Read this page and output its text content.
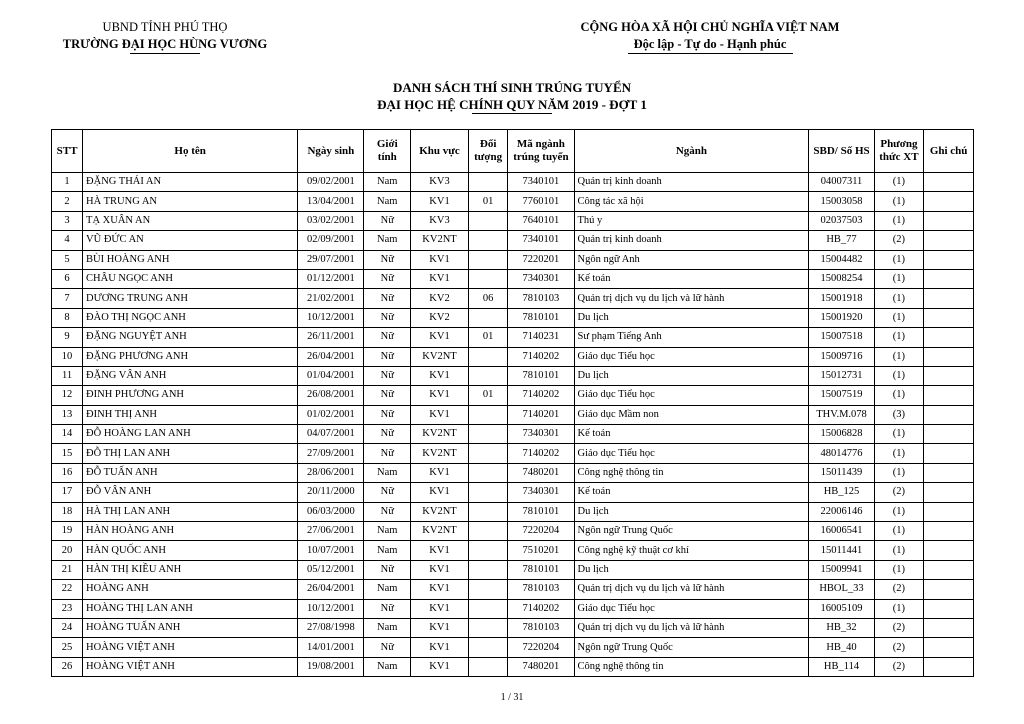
UBND TỈNH PHÚ THỌ
TRƯỜNG ĐẠI HỌC HÙNG VƯƠNG
CỘNG HÒA XÃ HỘI CHỦ NGHĨA VIỆT NAM
Độc lập - Tự do - Hạnh phúc
DANH SÁCH THÍ SINH TRÚNG TUYỂN
ĐẠI HỌC HỆ CHÍNH QUY NĂM 2019 - ĐỢT 1
STT	Họ tên	Ngày sinh	Giới tính	Khu vực	Đối tượng	Mã ngành trúng tuyển	Ngành	SBD/ Số HS	Phương thức XT	Ghi chú
1	ĐẶNG THÁI AN	09/02/2001	Nam	KV3		7340101	Quản trị kinh doanh	04007311	(1)	
2	HÀ TRUNG AN	13/04/2001	Nam	KV1	01	7760101	Công tác xã hội	15003058	(1)	
3	TẠ XUÂN AN	03/02/2001	Nữ	KV3		7640101	Thú y	02037503	(1)	
4	VŨ ĐỨC AN	02/09/2001	Nam	KV2NT		7340101	Quản trị kinh doanh	HB_77	(2)	
5	BÙI HOÀNG ANH	29/07/2001	Nữ	KV1		7220201	Ngôn ngữ Anh	15004482	(1)	
6	CHÂU NGỌC ANH	01/12/2001	Nữ	KV1		7340301	Kế toán	15008254	(1)	
7	DƯƠNG TRUNG ANH	21/02/2001	Nữ	KV2	06	7810103	Quản trị dịch vụ du lịch và lữ hành	15001918	(1)	
8	ĐÀO THỊ NGỌC ANH	10/12/2001	Nữ	KV2		7810101	Du lịch	15001920	(1)	
9	ĐẶNG NGUYỆT ANH	26/11/2001	Nữ	KV1	01	7140231	Sư phạm Tiếng Anh	15007518	(1)	
10	ĐẶNG PHƯƠNG ANH	26/04/2001	Nữ	KV2NT		7140202	Giáo dục Tiểu học	15009716	(1)	
11	ĐẶNG VÂN ANH	01/04/2001	Nữ	KV1		7810101	Du lịch	15012731	(1)	
12	ĐINH PHƯƠNG ANH	26/08/2001	Nữ	KV1	01	7140202	Giáo dục Tiểu học	15007519	(1)	
13	ĐINH THỊ ANH	01/02/2001	Nữ	KV1		7140201	Giáo dục Mầm non	THV.M.078	(3)	
14	ĐỖ HOÀNG LAN ANH	04/07/2001	Nữ	KV2NT		7340301	Kế toán	15006828	(1)	
15	ĐỖ THỊ LAN ANH	27/09/2001	Nữ	KV2NT		7140202	Giáo dục Tiểu học	48014776	(1)	
16	ĐỖ TUẤN ANH	28/06/2001	Nam	KV1		7480201	Công nghệ thông tin	15011439	(1)	
17	ĐỖ VÂN ANH	20/11/2000	Nữ	KV1		7340301	Kế toán	HB_125	(2)	
18	HÀ THỊ LAN ANH	06/03/2000	Nữ	KV2NT		7810101	Du lịch	22006146	(1)	
19	HÀN HOÀNG ANH	27/06/2001	Nam	KV2NT		7220204	Ngôn ngữ Trung Quốc	16006541	(1)	
20	HÀN QUỐC ANH	10/07/2001	Nam	KV1		7510201	Công nghệ kỹ thuật cơ khí	15011441	(1)	
21	HÀN THỊ KIỀU ANH	05/12/2001	Nữ	KV1		7810101	Du lịch	15009941	(1)	
22	HOÀNG ANH	26/04/2001	Nam	KV1		7810103	Quản trị dịch vụ du lịch và lữ hành	HBOL_33	(2)	
23	HOÀNG THỊ LAN ANH	10/12/2001	Nữ	KV1		7140202	Giáo dục Tiểu học	16005109	(1)	
24	HOÀNG TUẤN ANH	27/08/1998	Nam	KV1		7810103	Quản trị dịch vụ du lịch và lữ hành	HB_32	(2)	
25	HOÀNG VIỆT ANH	14/01/2001	Nữ	KV1		7220204	Ngôn ngữ Trung Quốc	HB_40	(2)	
26	HOÀNG VIỆT ANH	19/08/2001	Nam	KV1		7480201	Công nghệ thông tin	HB_114	(2)	
1 / 31
